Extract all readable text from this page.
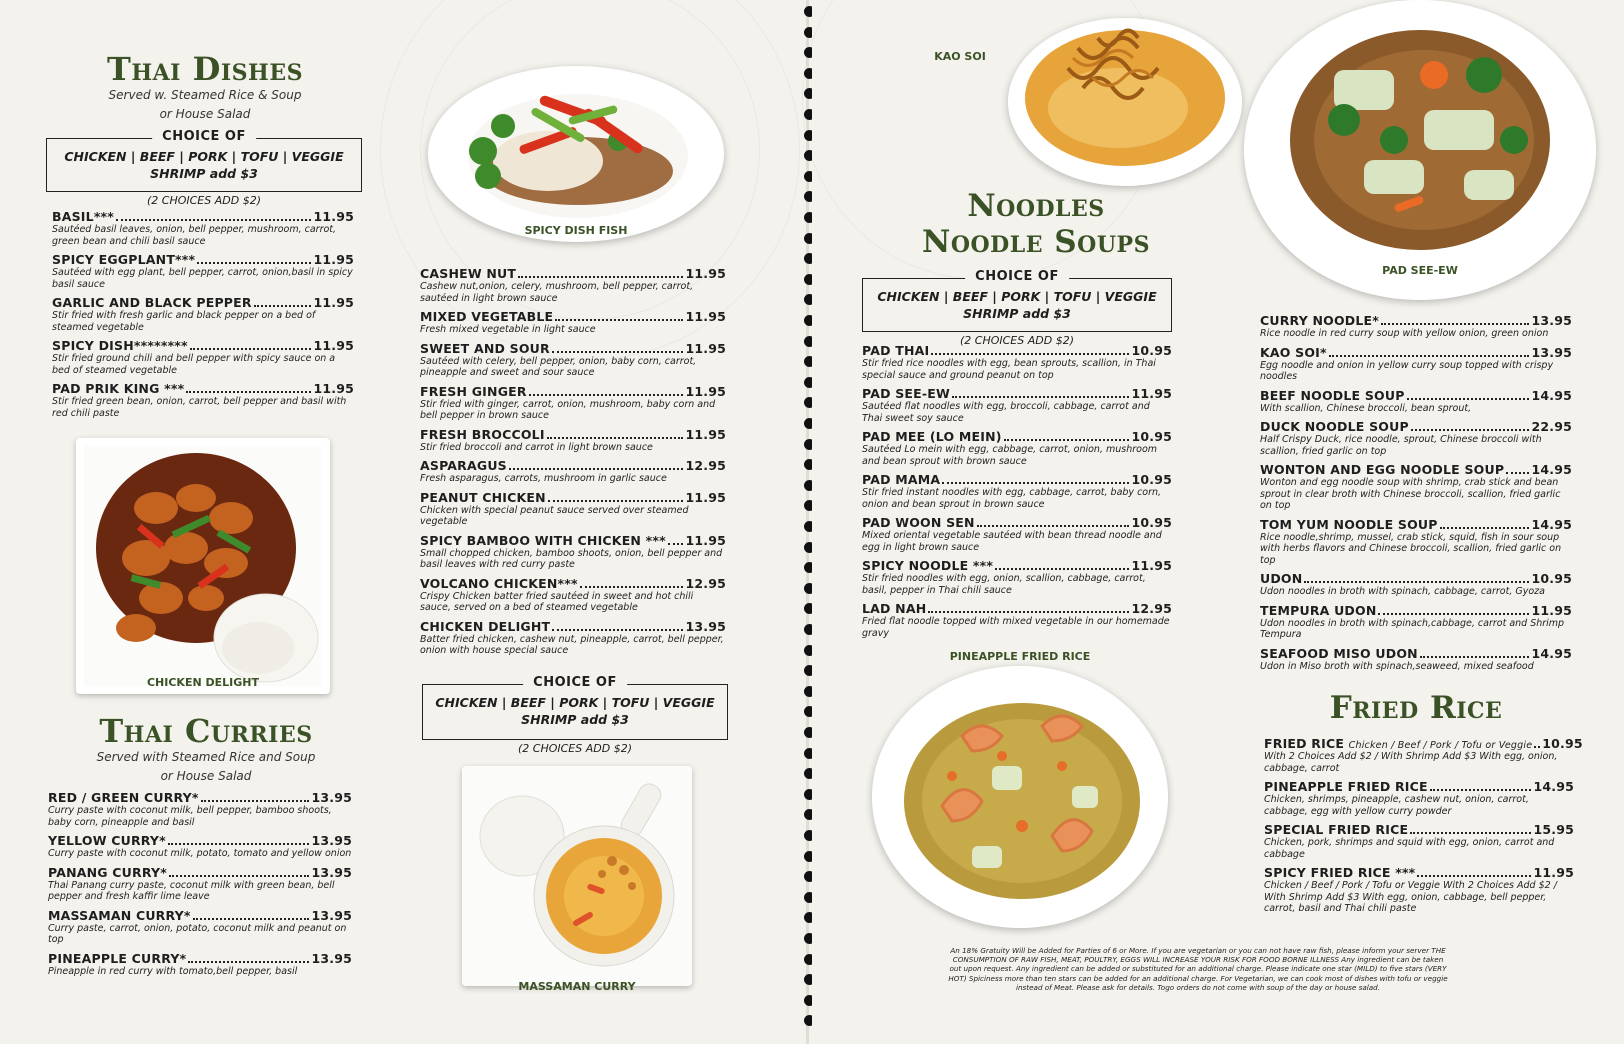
Thai Dishes
Served w. Steamed Rice & Soup
or House Salad
CHOICE OF
CHICKEN | BEEF | PORK | TOFU | VEGGIE
SHRIMP add $3
(2 CHOICES ADD $2)
BASIL***	11.95
Sautéed basil leaves, onion, bell pepper, mushroom, carrot, green bean and chili basil sauce
SPICY EGGPLANT***	11.95
Sautéed with egg plant, bell pepper, carrot, onion,basil in spicy basil sauce
GARLIC AND BLACK PEPPER	11.95
Stir fried with fresh garlic and black pepper on a bed of steamed vegetable
SPICY DISH********	11.95
Stir fried ground chili and bell pepper with spicy sauce on a bed of steamed vegetable
PAD PRIK KING ***	11.95
Stir fried green bean, onion, carrot, bell pepper and basil with red chili paste
CHICKEN DELIGHT
Thai Curries
Served with Steamed Rice and Soup
or House Salad
RED / GREEN CURRY*	13.95
Curry paste with coconut milk, bell pepper, bamboo shoots, baby corn, pineapple and basil
YELLOW CURRY*	13.95
Curry paste with coconut milk, potato, tomato and yellow onion
PANANG CURRY*	13.95
Thai Panang curry paste, coconut milk with green bean, bell pepper and fresh kaffir lime leave
MASSAMAN CURRY*	13.95
Curry paste, carrot, onion, potato, coconut milk and peanut on top
PINEAPPLE CURRY*	13.95
Pineapple in red curry with tomato,bell pepper, basil
SPICY DISH FISH
CASHEW NUT	11.95
Cashew nut,onion, celery, mushroom, bell pepper, carrot, sautéed in light brown sauce
MIXED VEGETABLE	11.95
Fresh mixed vegetable in light sauce
SWEET AND SOUR	11.95
Sautéed with celery, bell pepper, onion, baby corn, carrot, pineapple and sweet and sour sauce
FRESH GINGER	11.95
Stir fried with ginger, carrot, onion, mushroom, baby corn and bell pepper in brown sauce
FRESH BROCCOLI	11.95
Stir fried broccoli and carrot in light brown sauce
ASPARAGUS	12.95
Fresh asparagus, carrots, mushroom in garlic sauce
PEANUT CHICKEN	11.95
Chicken with special peanut sauce served over steamed vegetable
SPICY BAMBOO WITH CHICKEN *** 11.95
Small chopped chicken, bamboo shoots, onion, bell pepper and basil leaves with red curry paste
VOLCANO CHICKEN***	12.95
Crispy Chicken batter fried sautéed in sweet and hot chili sauce, served on a bed of steamed vegetable
CHICKEN DELIGHT	13.95
Batter fried chicken, cashew nut, pineapple, carrot, bell pepper, onion with house special sauce
CHOICE OF
CHICKEN | BEEF | PORK | TOFU | VEGGIE
SHRIMP add $3
(2 CHOICES ADD $2)
MASSAMAN CURRY
KAO SOI
PAD SEE-EW
Noodles
Noodle Soups
CHOICE OF
CHICKEN | BEEF | PORK | TOFU | VEGGIE
SHRIMP add $3
(2 CHOICES ADD $2)
PAD THAI	10.95
Stir fried rice noodles with egg, bean sprouts, scallion, in Thai special sauce and ground peanut on top
PAD SEE-EW	11.95
Sautéed flat noodles with egg, broccoli, cabbage, carrot and Thai sweet soy sauce
PAD MEE (LO MEIN)	10.95
Sautéed Lo mein with egg, cabbage, carrot, onion, mushroom and bean sprout with brown sauce
PAD MAMA	10.95
Stir fried instant noodles with egg, cabbage, carrot, baby corn, onion and bean sprout in brown sauce
PAD WOON SEN	10.95
Mixed oriental vegetable sautéed with bean thread noodle and egg in light brown sauce
SPICY NOODLE ***	11.95
Stir fried noodles with egg, onion, scallion, cabbage, carrot, basil, pepper in Thai chili sauce
LAD NAH	12.95
Fried flat noodle topped with mixed vegetable in our homemade gravy
PINEAPPLE FRIED RICE
CURRY NOODLE*	13.95
Rice noodle in red curry soup with yellow onion, green onion
KAO SOI*	13.95
Egg noodle and onion in yellow curry soup topped with crispy noodles
BEEF NOODLE SOUP	14.95
With scallion, Chinese broccoli, bean sprout,
DUCK NOODLE SOUP	22.95
Half Crispy Duck, rice noodle, sprout, Chinese broccoli with scallion, fried garlic on top
WONTON AND EGG NOODLE SOUP 14.95
Wonton and egg noodle soup with shrimp, crab stick and bean sprout in clear broth with Chinese broccoli, scallion, fried garlic on top
TOM YUM NOODLE SOUP	14.95
Rice noodle,shrimp, mussel, crab stick, squid, fish in sour soup with herbs flavors and Chinese broccoli, scallion, fried garlic on top
UDON	10.95
Udon noodles in broth with spinach, cabbage, carrot, Gyoza
TEMPURA UDON	11.95
Udon noodles in broth with spinach,cabbage, carrot and Shrimp Tempura
SEAFOOD MISO UDON	14.95
Udon in Miso broth with spinach,seaweed, mixed seafood
Fried Rice
FRIED RICE
Chicken / Beef / Pork / Tofu or Veggie 10.95
With 2 Choices Add $2 / With Shrimp Add $3 With egg, onion, cabbage, carrot
PINEAPPLE FRIED RICE	14.95
Chicken, shrimps, pineapple, cashew nut, onion, carrot, cabbage, egg with yellow curry powder
SPECIAL FRIED RICE	15.95
Chicken, pork, shrimps and squid with egg, onion, carrot and cabbage
SPICY FRIED RICE ***	11.95
Chicken / Beef / Pork / Tofu or Veggie With 2 Choices Add $2 / With Shrimp Add $3 With egg, onion, cabbage, bell pepper, carrot, basil and Thai chili paste
An 18% Gratuity Will be Added for Parties of 6 or More. If you are vegetarian or you can not have raw fish, please inform your server THE CONSUMPTION OF RAW FISH, MEAT, POULTRY, EGGS WILL INCREASE YOUR RISK FOR FOOD BORNE ILLNESS Any ingredient can be taken out upon request. Any ingredient can be added or substituted for an additional charge. Please indicate one star (MILD) to five stars (VERY HOT) Spiciness more than ten stars can be added for an additional charge. For Vegetarian, we can cook most of dishes with tofu or veggie instead of Meat. Please ask for details. Togo orders do not come with soup of the day or house salad.
